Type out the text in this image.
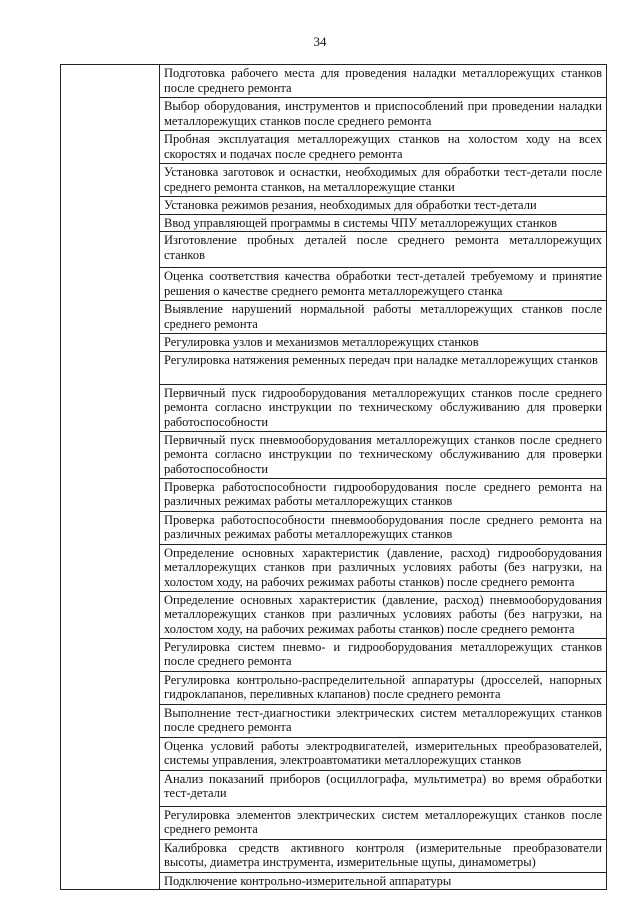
34
	Подготовка рабочего места для проведения наладки металлорежущих станков после среднего ремонта
Выбор оборудования, инструментов и приспособлений при проведении наладки металлорежущих станков после среднего ремонта
Пробная эксплуатация металлорежущих станков на холостом ходу на всех скоростях и подачах после среднего ремонта
Установка заготовок и оснастки, необходимых для обработки тест-детали после среднего ремонта станков, на металлорежущие станки
Установка режимов резания, необходимых для обработки тест-детали
Ввод управляющей программы в системы ЧПУ металлорежущих станков
Изготовление пробных деталей после среднего ремонта металлорежущих станков
Оценка соответствия качества обработки тест-деталей требуемому и принятие решения о качестве среднего ремонта металлорежущего станка
Выявление нарушений нормальной работы металлорежущих станков после среднего ремонта
Регулировка узлов и механизмов металлорежущих станков
Регулировка натяжения ременных передач при наладке металлорежущих станков
Первичный пуск гидрооборудования металлорежущих станков после среднего ремонта согласно инструкции по техническому обслуживанию для проверки работоспособности
Первичный пуск пневмооборудования металлорежущих станков после среднего ремонта согласно инструкции по техническому обслуживанию для проверки работоспособности
Проверка работоспособности гидрооборудования после среднего ремонта на различных режимах работы металлорежущих станков
Проверка работоспособности пневмооборудования после среднего ремонта на различных режимах работы металлорежущих станков
Определение основных характеристик (давление, расход) гидрооборудования металлорежущих станков при различных условиях работы (без нагрузки, на холостом ходу, на рабочих режимах работы станков) после среднего ремонта
Определение основных характеристик (давление, расход) пневмооборудования металлорежущих станков при различных условиях работы (без нагрузки, на холостом ходу, на рабочих режимах работы станков) после среднего ремонта
Регулировка систем пневмо- и гидрооборудования металлорежущих станков после среднего ремонта
Регулировка контрольно-распределительной аппаратуры (дросселей, напорных гидроклапанов, переливных клапанов) после среднего ремонта
Выполнение тест-диагностики электрических систем металлорежущих станков после среднего ремонта
Оценка условий работы электродвигателей, измерительных преобразователей, системы управления, электроавтоматики металлорежущих станков
Анализ показаний приборов (осциллографа, мультиметра) во время обработки тест-детали
Регулировка элементов электрических систем металлорежущих станков после среднего ремонта
Калибровка средств активного контроля (измерительные преобразователи высоты, диаметра инструмента, измерительные щупы, динамометры)
Подключение контрольно-измерительной аппаратуры
